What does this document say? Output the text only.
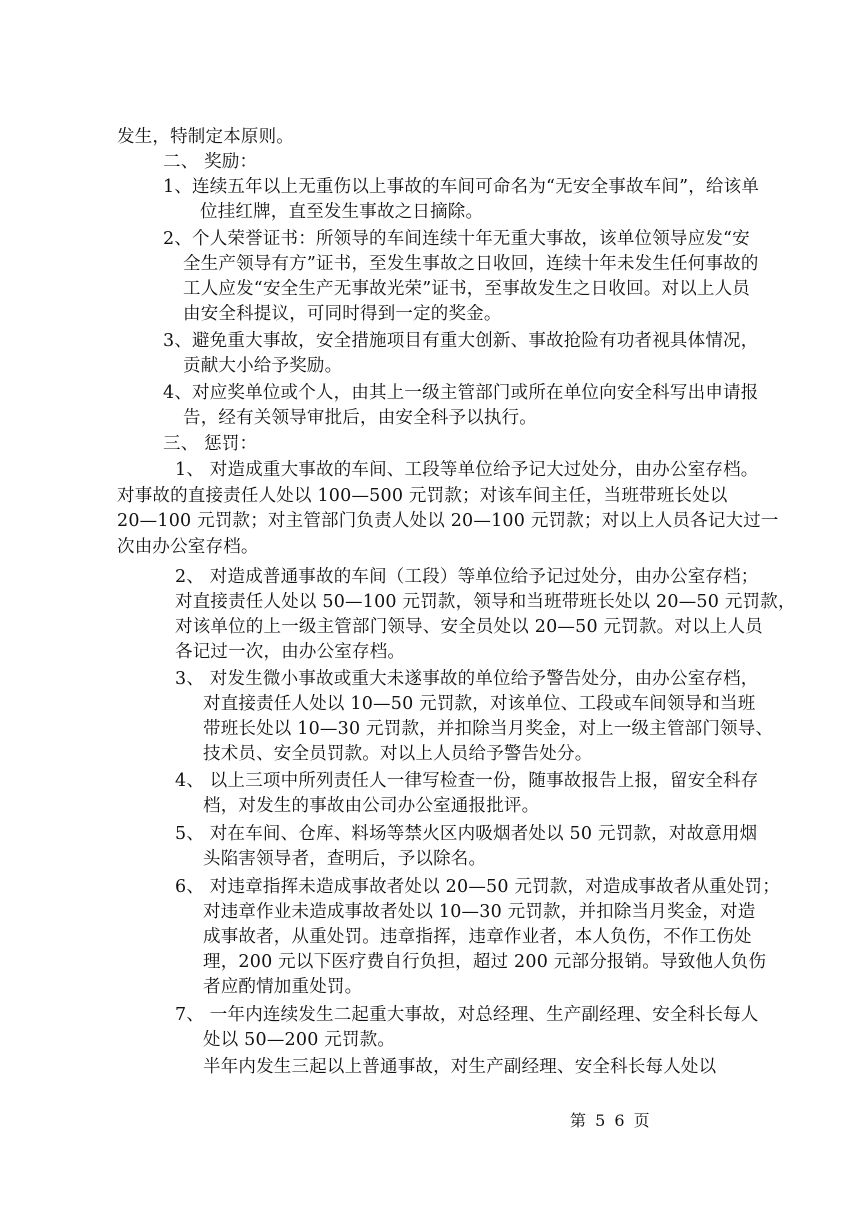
发生，特制定本原则。
二、 奖励：
1、连续五年以上无重伤以上事故的车间可命名为“无安全事故车间”，给该单
位挂红牌，直至发生事故之日摘除。
2、个人荣誉证书：所领导的车间连续十年无重大事故，该单位领导应发“安
全生产领导有方”证书，至发生事故之日收回，连续十年未发生任何事故的
工人应发“安全生产无事故光荣”证书，至事故发生之日收回。对以上人员
由安全科提议，可同时得到一定的奖金。
3、避免重大事故，安全措施项目有重大创新、事故抢险有功者视具体情况，
贡献大小给予奖励。
4、对应奖单位或个人，由其上一级主管部门或所在单位向安全科写出申请报
告，经有关领导审批后，由安全科予以执行。
三、 惩罚：
1、 对造成重大事故的车间、工段等单位给予记大过处分，由办公室存档。
对事故的直接责任人处以 100—500 元罚款；对该车间主任，当班带班长处以
20—100 元罚款；对主管部门负责人处以 20—100 元罚款；对以上人员各记大过一
次由办公室存档。
2、 对造成普通事故的车间（工段）等单位给予记过处分，由办公室存档；
对直接责任人处以 50—100 元罚款，领导和当班带班长处以 20—50 元罚款，
对该单位的上一级主管部门领导、安全员处以 20—50 元罚款。对以上人员
各记过一次，由办公室存档。
3、 对发生微小事故或重大未遂事故的单位给予警告处分，由办公室存档，
对直接责任人处以 10—50 元罚款，对该单位、工段或车间领导和当班
带班长处以 10—30 元罚款，并扣除当月奖金，对上一级主管部门领导、
技术员、安全员罚款。对以上人员给予警告处分。
4、 以上三项中所列责任人一律写检查一份，随事故报告上报，留安全科存
档，对发生的事故由公司办公室通报批评。
5、 对在车间、仓库、料场等禁火区内吸烟者处以 50 元罚款，对故意用烟
头陷害领导者，查明后，予以除名。
6、 对违章指挥未造成事故者处以 20—50 元罚款，对造成事故者从重处罚；
对违章作业未造成事故者处以 10—30 元罚款，并扣除当月奖金，对造
成事故者，从重处罚。违章指挥，违章作业者，本人负伤，不作工伤处
理，200 元以下医疗费自行负担，超过 200 元部分报销。导致他人负伤
者应酌情加重处罚。
7、 一年内连续发生二起重大事故，对总经理、生产副经理、安全科长每人
处以 50—200 元罚款。
半年内发生三起以上普通事故，对生产副经理、安全科长每人处以
第 5 6 页
